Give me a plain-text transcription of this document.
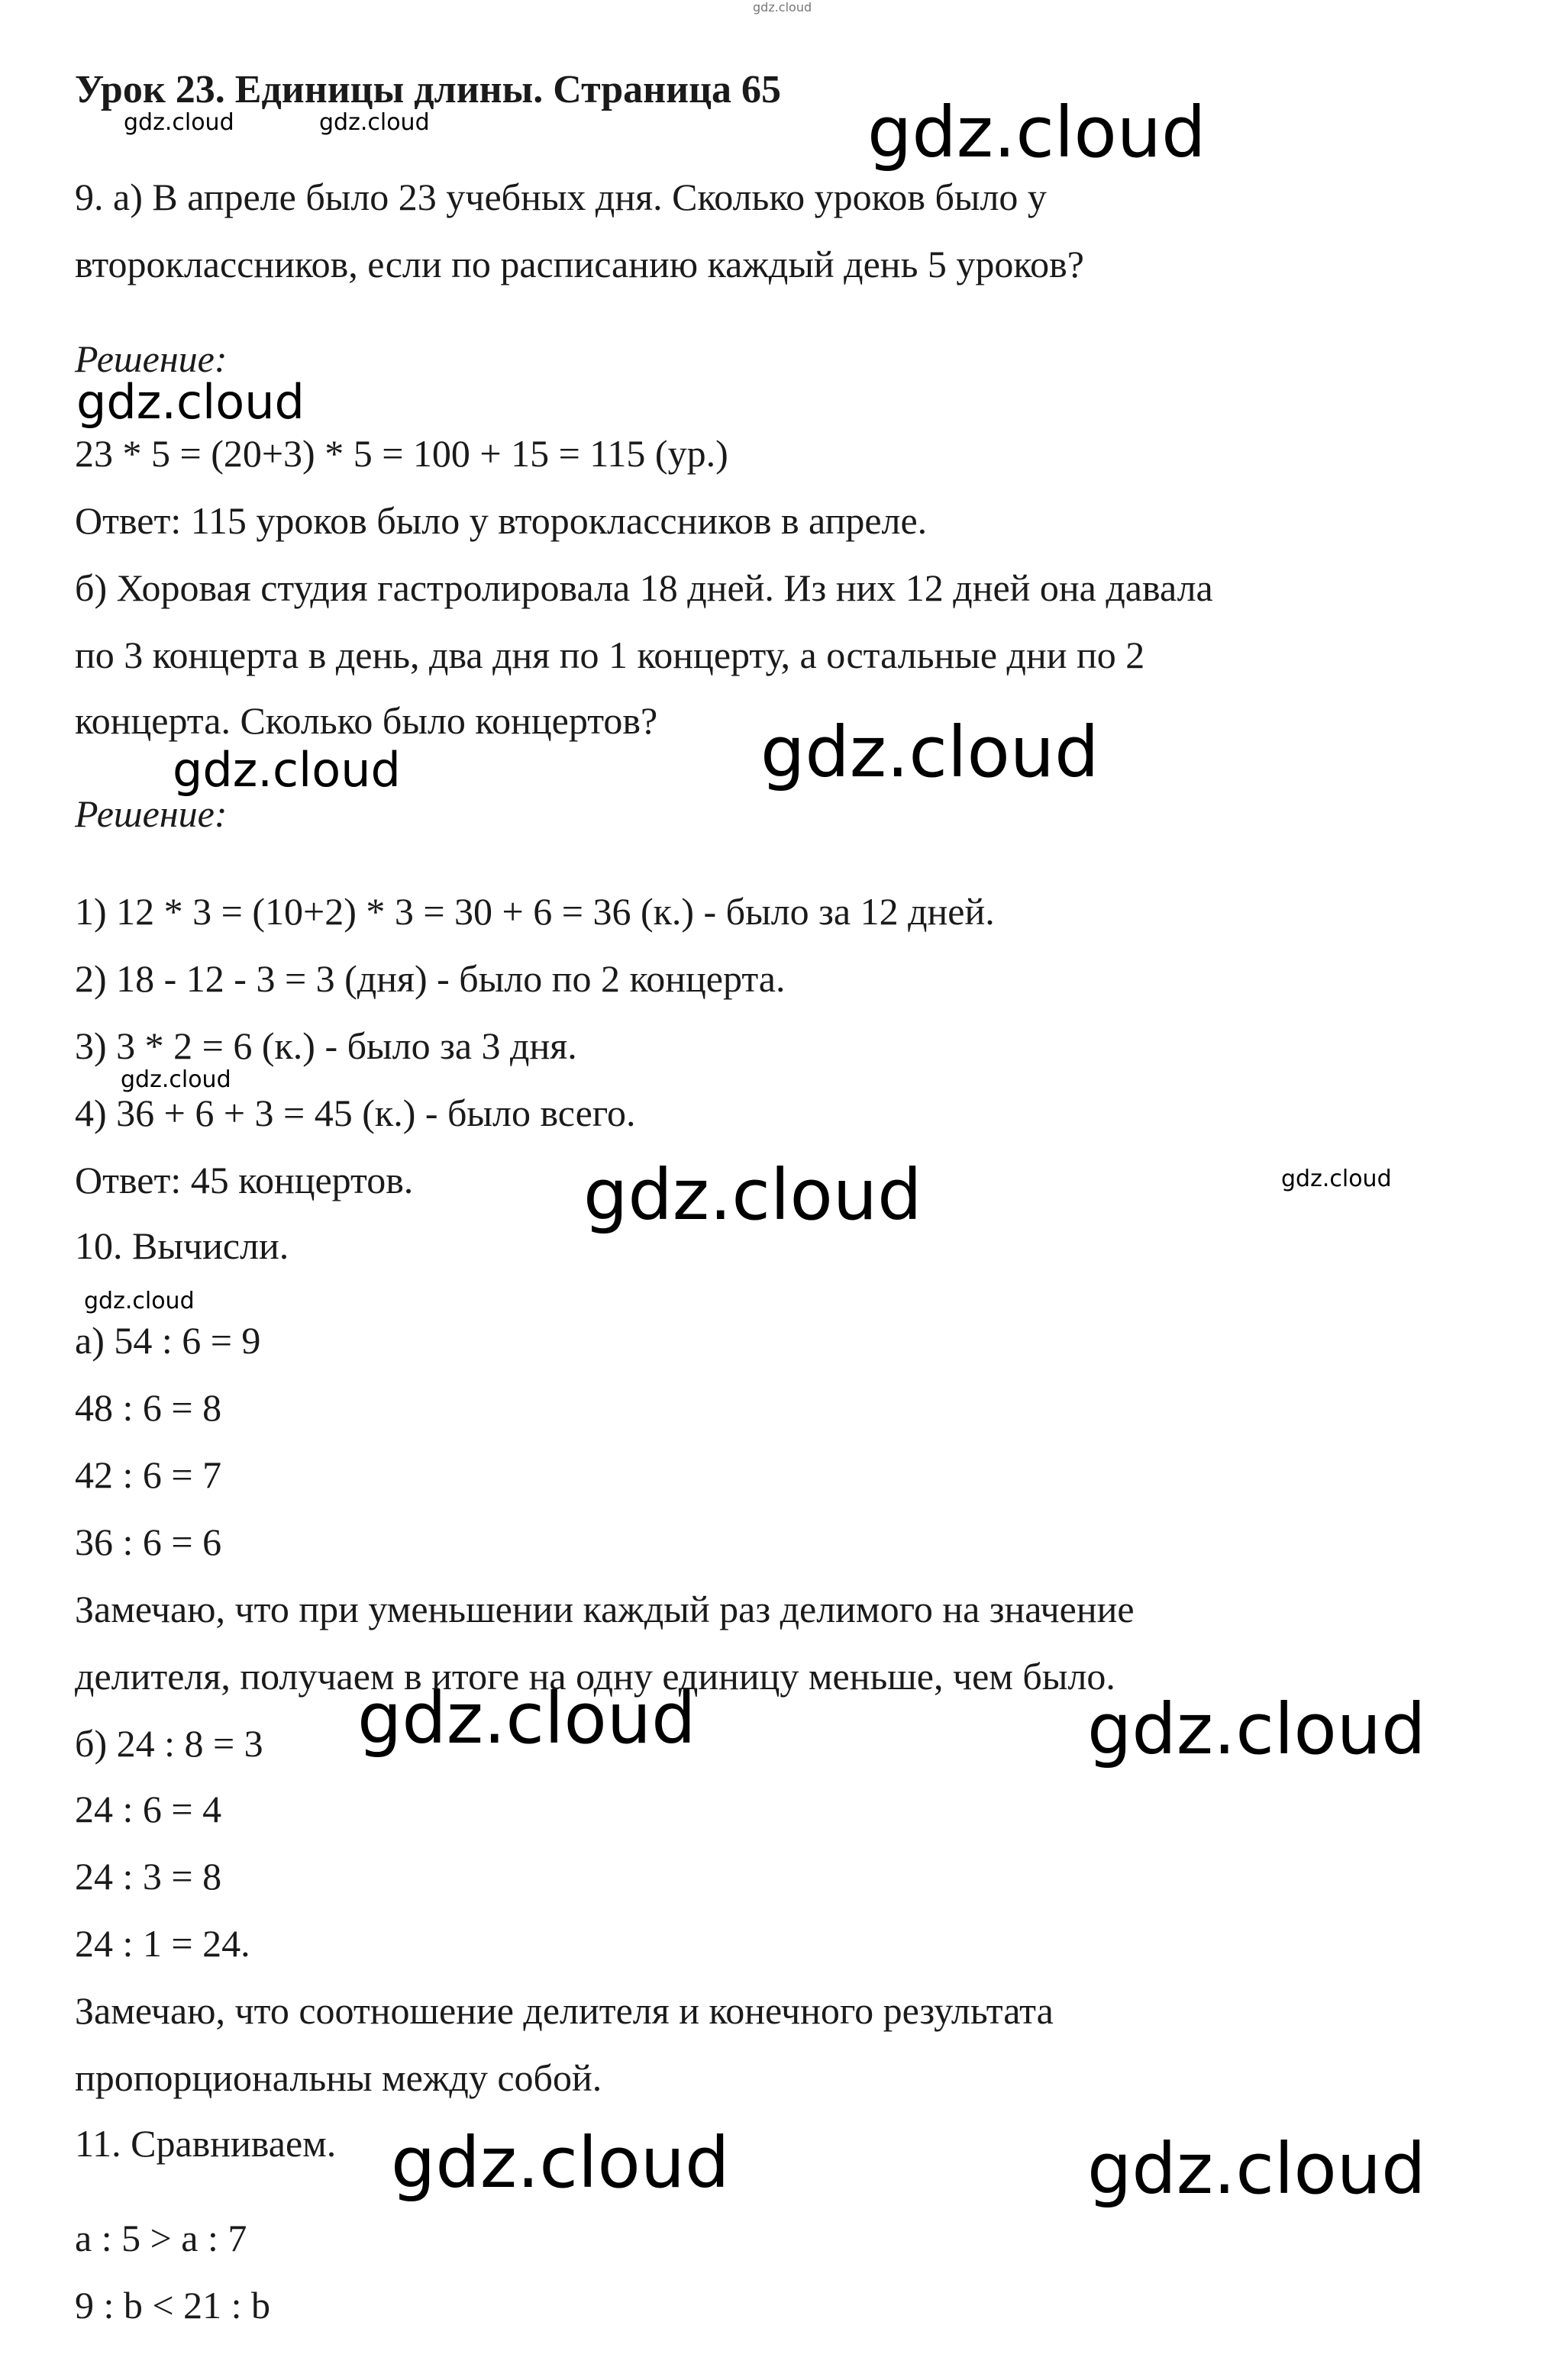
gdz.cloud

Урок 23. Единицы длины. Страница 65

gdz.cloud	gdz.cloud	gdz.cloud

9. а) В апреле было 23 учебных дня. Сколько уроков было у

второклассников, если по расписанию каждый день 5 уроков?

Решение:

gdz.cloud

23 * 5 = (20+3) * 5 = 100 + 15 = 115 (ур.)

Ответ: 115 уроков было у второклассников в апреле.

б) Хоровая студия гастролировала 18 дней. Из них 12 дней она давала

по 3 концерта в день, два дня по 1 концерту, а остальные дни по 2

концерта. Сколько было концертов? gdz.cloud
gdz.cloud

Решение:

1) 12 * 3 = (10+2) * 3 = 30 + 6 = 36 (к.) - было за 12 дней.

2) 18 - 12 - 3 = 3 (дня) - было по 2 концерта.

3) 3 * 2 = 6 (к.) - было за 3 дня.

gdz.cloud

4) 36 + 6 + 3 = 45 (к.) - было всего.

Ответ: 45 концертов. gdz.cloud	gdz.cloud

10. Вычисли.

gdz.cloud

а) 54 : 6 = 9

48 : 6 = 8

42 : 6 = 7

36 : 6 = 6

Замечаю, что при уменьшении каждый раз делимого на значение

делителя, получаем в итоге на одну единицу меньше, чем было.

gdz.cloud	gdz.cloud

б) 24 : 8 = 3

24 : 6 = 4

24 : 3 = 8

24 : 1 = 24.

Замечаю, что соотношение делителя и конечного результата

пропорциональны между собой.

11. Сравниваем. gdz.cloud	gdz.cloud

a : 5 > a : 7

9 : b < 21 : b
